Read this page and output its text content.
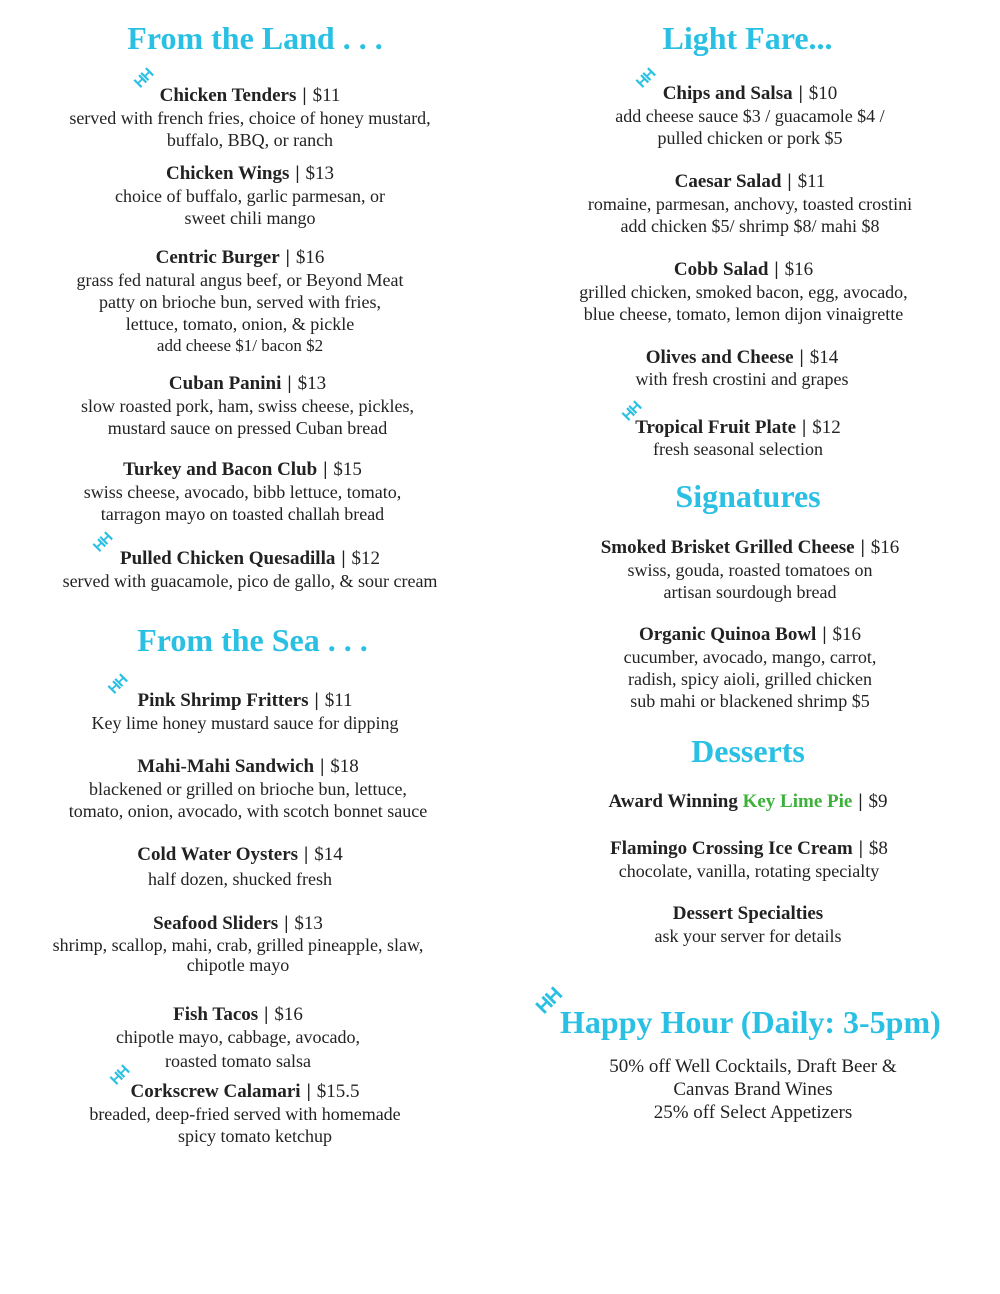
From the Land . . .
HH
Chicken Tenders | $11
served with french fries, choice of honey mustard,
buffalo, BBQ, or ranch
Chicken Wings | $13
choice of buffalo, garlic parmesan, or
sweet chili mango
Centric Burger | $16
grass fed natural angus beef, or Beyond Meat
patty on brioche bun, served with fries,
lettuce, tomato, onion, & pickle
add cheese $1/ bacon $2
Cuban Panini | $13
slow roasted pork, ham, swiss cheese, pickles,
mustard sauce on pressed Cuban bread
Turkey and Bacon Club | $15
swiss cheese, avocado, bibb lettuce, tomato,
tarragon mayo on toasted challah bread
HH
Pulled Chicken Quesadilla | $12
served with guacamole, pico de gallo, & sour cream
From the Sea . . .
HH
Pink Shrimp Fritters | $11
Key lime honey mustard sauce for dipping
Mahi-Mahi Sandwich | $18
blackened or grilled on brioche bun, lettuce,
tomato, onion, avocado, with scotch bonnet sauce
Cold Water Oysters | $14
half dozen, shucked fresh
Seafood Sliders | $13
shrimp, scallop, mahi, crab, grilled pineapple, slaw,
chipotle mayo
Fish Tacos | $16
chipotle mayo, cabbage, avocado,
roasted tomato salsa
HH
Corkscrew Calamari | $15.5
breaded, deep-fried served with homemade
spicy tomato ketchup
Light Fare...
HH
Chips and Salsa | $10
add cheese sauce $3 / guacamole $4 /
pulled chicken or pork $5
Caesar Salad | $11
romaine, parmesan, anchovy, toasted crostini
add chicken $5/ shrimp $8/ mahi $8
Cobb Salad | $16
grilled chicken, smoked bacon, egg, avocado,
blue cheese, tomato, lemon dijon vinaigrette
Olives and Cheese | $14
with fresh crostini and grapes
HH
Tropical Fruit Plate | $12
fresh seasonal selection
Signatures
Smoked Brisket Grilled Cheese | $16
swiss, gouda, roasted tomatoes on
artisan sourdough bread
Organic Quinoa Bowl | $16
cucumber, avocado, mango, carrot,
radish, spicy aioli, grilled chicken
sub mahi or blackened shrimp $5
Desserts
Award Winning Key Lime Pie | $9
Flamingo Crossing Ice Cream | $8
chocolate, vanilla, rotating specialty
Dessert Specialties
ask your server for details
HH
Happy Hour (Daily: 3-5pm)
50% off Well Cocktails, Draft Beer &
Canvas Brand Wines
25% off Select Appetizers
